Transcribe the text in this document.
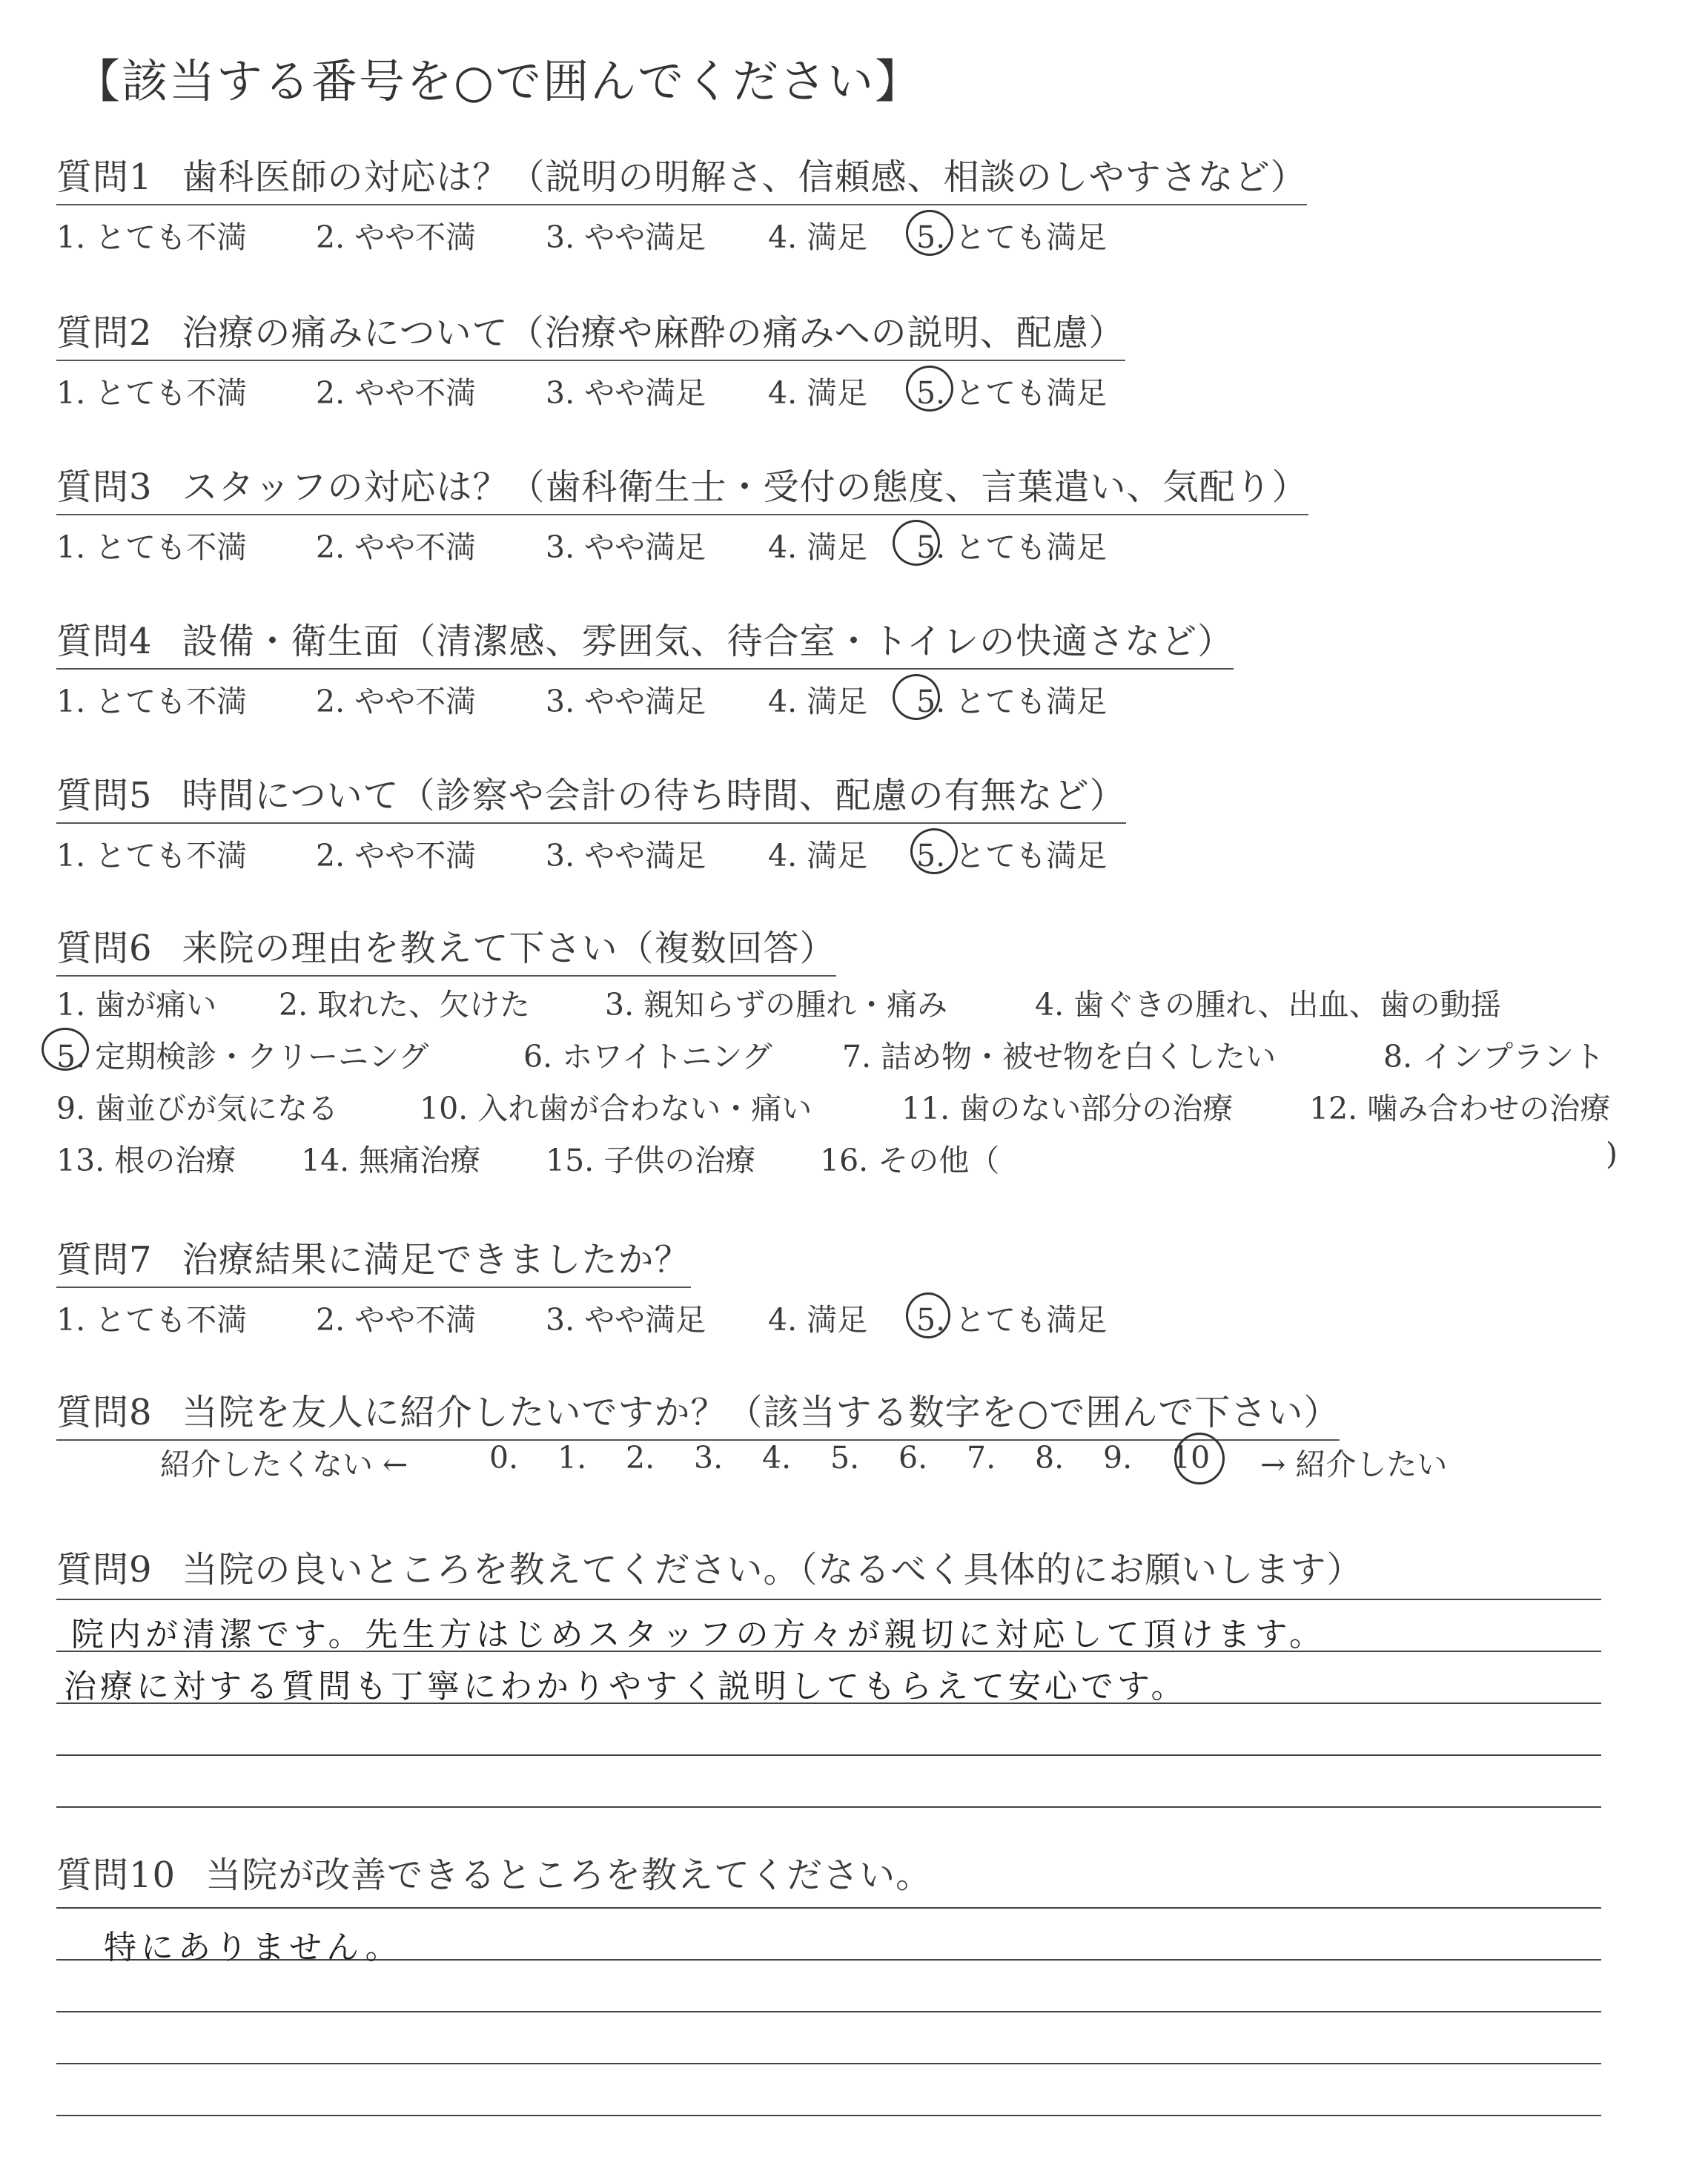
【該当する番号を○で囲んでください】
質問1 歯科医師の対応は？（説明の明解さ、信頼感、相談のしやすさなど）
1. とても不満 2. やや不満 3. やや満足 4. 満足 5. とても満足
質問2 治療の痛みについて（治療や麻酔の痛みへの説明、配慮）
1. とても不満 2. やや不満 3. やや満足 4. 満足 5. とても満足
質問3 スタッフの対応は？（歯科衛生士・受付の態度、言葉遣い、気配り）
1. とても不満 2. やや不満 3. やや満足 4. 満足 5. とても満足
質問4 設備・衛生面（清潔感、雰囲気、待合室・トイレの快適さなど）
1. とても不満 2. やや不満 3. やや満足 4. 満足 5. とても満足
質問5 時間について（診察や会計の待ち時間、配慮の有無など）
1. とても不満 2. やや不満 3. やや満足 4. 満足 5. とても満足
質問6 来院の理由を教えて下さい（複数回答）
1. 歯が痛い 2. 取れた、欠けた 3. 親知らずの腫れ・痛み	4. 歯ぐきの腫れ、出血、歯の動揺
5. 定期検診・クリーニング	6. ホワイトニング 7. 詰め物・被せ物を白くしたい	8. インプラント
9. 歯並びが気になる	10. 入れ歯が合わない・痛い	11. 歯のない部分の治療	12. 噛み合わせの治療
13. 根の治療 14. 無痛治療 15. 子供の治療 16. その他（	)
質問7 治療結果に満足できましたか？
1. とても不満 2. やや不満 3. やや満足 4. 満足 5. とても満足
質問8 当院を友人に紹介したいですか？（該当する数字を○で囲んで下さい）
紹介したくない ←	0. 1. 2. 3. 4. 5. 6. 7. 8. 9. 10 → 紹介したい
質問9 当院の良いところを教えてください。（なるべく具体的にお願いします）
院内が清潔です。先生方はじめスタッフの方々が親切に対応して頂けます。
治療に対する質問も丁寧にわかりやすく説明してもらえて安心です。
質問10 当院が改善できるところを教えてください。
特にありません。
